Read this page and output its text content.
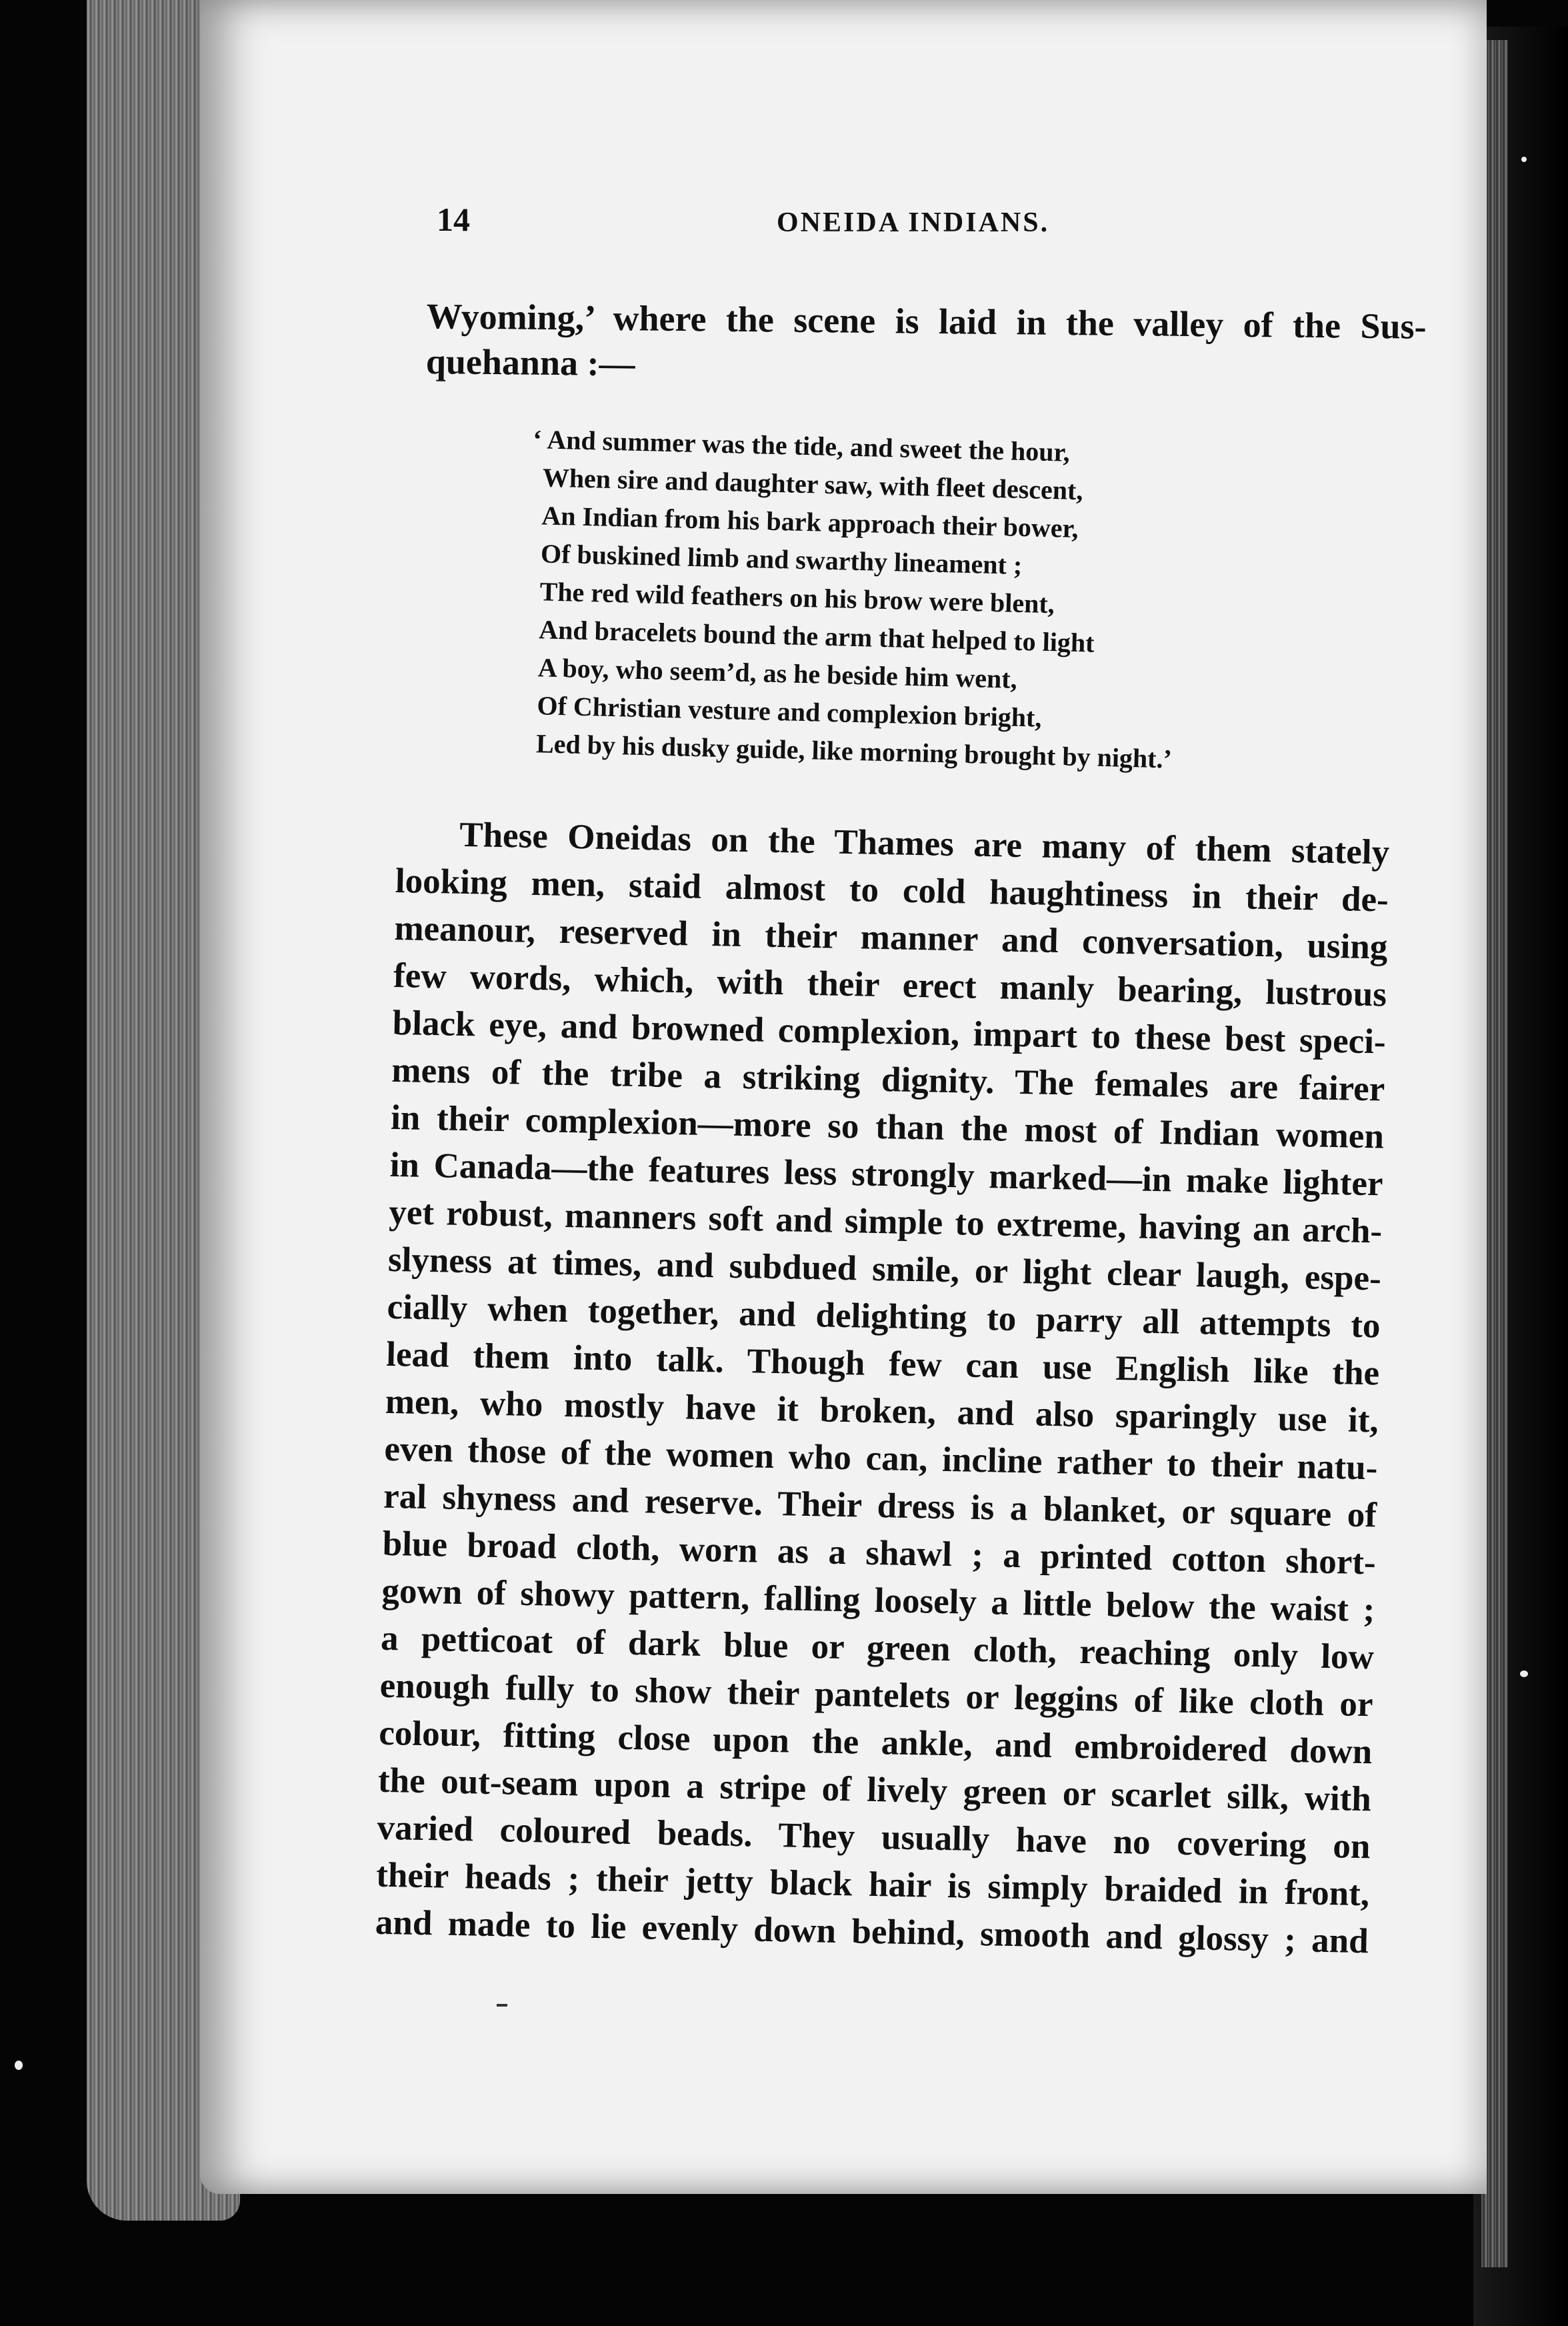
14	ONEIDA INDIANS.
Wyoming,’ where the scene is laid in the valley of the Sus-
quehanna :—
‘ And summer was the tide, and sweet the hour,
When sire and daughter saw, with fleet descent,
An Indian from his bark approach their bower,
Of buskined limb and swarthy lineament ;
The red wild feathers on his brow were blent,
And bracelets bound the arm that helped to light
A boy, who seem’d, as he beside him went,
Of Christian vesture and complexion bright,
Led by his dusky guide, like morning brought by night.’
These Oneidas on the Thames are many of them stately
looking men, staid almost to cold haughtiness in their de-
meanour, reserved in their manner and conversation, using
few words, which, with their erect manly bearing, lustrous
black eye, and browned complexion, impart to these best speci-
mens of the tribe a striking dignity. The females are fairer
in their complexion—more so than the most of Indian women
in Canada—the features less strongly marked—in make lighter
yet robust, manners soft and simple to extreme, having an arch-
slyness at times, and subdued smile, or light clear laugh, espe-
cially when together, and delighting to parry all attempts to
lead them into talk. Though few can use English like the
men, who mostly have it broken, and also sparingly use it,
even those of the women who can, incline rather to their natu-
ral shyness and reserve. Their dress is a blanket, or square of
blue broad cloth, worn as a shawl ; a printed cotton short-
gown of showy pattern, falling loosely a little below the waist ;
a petticoat of dark blue or green cloth, reaching only low
enough fully to show their pantelets or leggins of like cloth or
colour, fitting close upon the ankle, and embroidered down
the out-seam upon a stripe of lively green or scarlet silk, with
varied coloured beads. They usually have no covering on
their heads ; their jetty black hair is simply braided in front,
and made to lie evenly down behind, smooth and glossy ; and
